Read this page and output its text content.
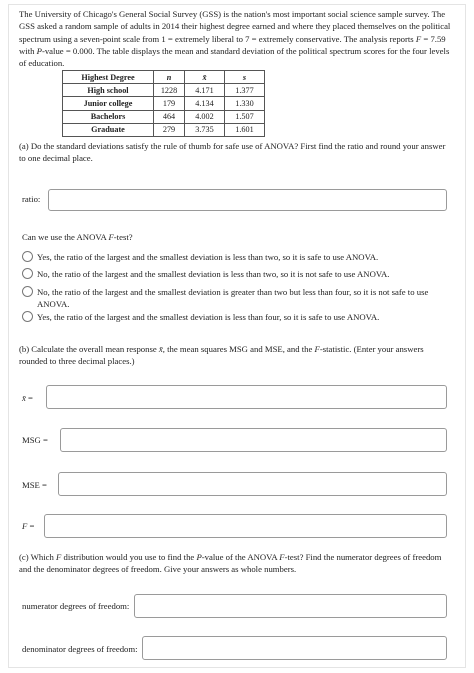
The University of Chicago's General Social Survey (GSS) is the nation's most important social science sample survey. The GSS asked a random sample of adults in 2014 their highest degree earned and where they placed themselves on the political spectrum using a seven-point scale from 1 = extremely liberal to 7 = extremely conservative. The analysis reports F = 7.59 with P-value = 0.000. The table displays the mean and standard deviation of the political spectrum scores for the four levels of education.

Highest Degree	n	x̄	s
High school	1228	4.171	1.377
Junior college	179	4.134	1.330
Bachelors	464	4.002	1.507
Graduate	279	3.735	1.601

(a) Do the standard deviations satisfy the rule of thumb for safe use of ANOVA? First find the ratio and round your answer to one decimal place.

ratio:

Can we use the ANOVA F-test?

Yes, the ratio of the largest and the smallest deviation is less than two, so it is safe to use ANOVA.
No, the ratio of the largest and the smallest deviation is less than two, so it is not safe to use ANOVA.
No, the ratio of the largest and the smallest deviation is greater than two but less than four, so it is not safe to use ANOVA.
Yes, the ratio of the largest and the smallest deviation is less than four, so it is safe to use ANOVA.

(b) Calculate the overall mean response x̄, the mean squares MSG and MSE, and the F-statistic. (Enter your answers rounded to three decimal places.)

x̄ =
MSG =
MSE =
F =

(c) Which F distribution would you use to find the P-value of the ANOVA F-test? Find the numerator degrees of freedom and the denominator degrees of freedom. Give your answers as whole numbers.

numerator degrees of freedom:
denominator degrees of freedom:
